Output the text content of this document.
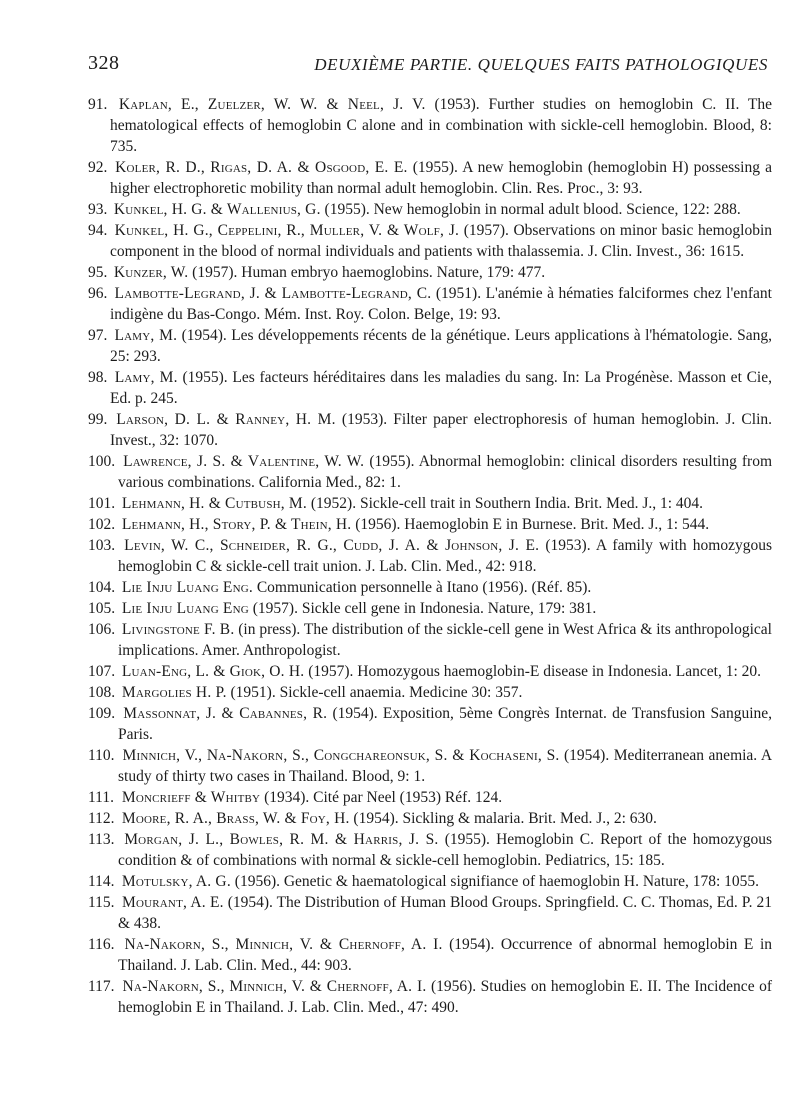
328	DEUXIÈME PARTIE. QUELQUES FAITS PATHOLOGIQUES
91. Kaplan, E., Zuelzer, W. W. & Neel, J. V. (1953). Further studies on hemoglobin C. II. The hematological effects of hemoglobin C alone and in combination with sickle-cell hemoglobin. Blood, 8: 735.
92. Koler, R. D., Rigas, D. A. & Osgood, E. E. (1955). A new hemoglobin (hemoglobin H) possessing a higher electrophoretic mobility than normal adult hemoglobin. Clin. Res. Proc., 3: 93.
93. Kunkel, H. G. & Wallenius, G. (1955). New hemoglobin in normal adult blood. Science, 122: 288.
94. Kunkel, H. G., Ceppelini, R., Muller, V. & Wolf, J. (1957). Observations on minor basic hemoglobin component in the blood of normal individuals and patients with thalassemia. J. Clin. Invest., 36: 1615.
95. Kunzer, W. (1957). Human embryo haemoglobins. Nature, 179: 477.
96. Lambotte-Legrand, J. & Lambotte-Legrand, C. (1951). L'anémie à hématies falciformes chez l'enfant indigène du Bas-Congo. Mém. Inst. Roy. Colon. Belge, 19: 93.
97. Lamy, M. (1954). Les développements récents de la génétique. Leurs applications à l'hématologie. Sang, 25: 293.
98. Lamy, M. (1955). Les facteurs héréditaires dans les maladies du sang. In: La Progénèse. Masson et Cie, Ed. p. 245.
99. Larson, D. L. & Ranney, H. M. (1953). Filter paper electrophoresis of human hemoglobin. J. Clin. Invest., 32: 1070.
100. Lawrence, J. S. & Valentine, W. W. (1955). Abnormal hemoglobin: clinical disorders resulting from various combinations. California Med., 82: 1.
101. Lehmann, H. & Cutbush, M. (1952). Sickle-cell trait in Southern India. Brit. Med. J., 1: 404.
102. Lehmann, H., Story, P. & Thein, H. (1956). Haemoglobin E in Burnese. Brit. Med. J., 1: 544.
103. Levin, W. C., Schneider, R. G., Cudd, J. A. & Johnson, J. E. (1953). A family with homozygous hemoglobin C & sickle-cell trait union. J. Lab. Clin. Med., 42: 918.
104. Lie Inju Luang Eng. Communication personnelle à Itano (1956). (Réf. 85).
105. Lie Inju Luang Eng (1957). Sickle cell gene in Indonesia. Nature, 179: 381.
106. Livingstone F. B. (in press). The distribution of the sickle-cell gene in West Africa & its anthropological implications. Amer. Anthropologist.
107. Luan-Eng, L. & Giok, O. H. (1957). Homozygous haemoglobin-E disease in Indonesia. Lancet, 1: 20.
108. Margolies H. P. (1951). Sickle-cell anaemia. Medicine 30: 357.
109. Massonnat, J. & Cabannes, R. (1954). Exposition, 5ème Congrès Internat. de Transfusion Sanguine, Paris.
110. Minnich, V., Na-Nakorn, S., Congchareonsuk, S. & Kochaseni, S. (1954). Mediterranean anemia. A study of thirty two cases in Thailand. Blood, 9: 1.
111. Moncrieff & Whitby (1934). Cité par Neel (1953) Réf. 124.
112. Moore, R. A., Brass, W. & Foy, H. (1954). Sickling & malaria. Brit. Med. J., 2: 630.
113. Morgan, J. L., Bowles, R. M. & Harris, J. S. (1955). Hemoglobin C. Report of the homozygous condition & of combinations with normal & sickle-cell hemoglobin. Pediatrics, 15: 185.
114. Motulsky, A. G. (1956). Genetic & haematological signifiance of haemoglobin H. Nature, 178: 1055.
115. Mourant, A. E. (1954). The Distribution of Human Blood Groups. Springfield. C. C. Thomas, Ed. P. 21 & 438.
116. Na-Nakorn, S., Minnich, V. & Chernoff, A. I. (1954). Occurrence of abnormal hemoglobin E in Thailand. J. Lab. Clin. Med., 44: 903.
117. Na-Nakorn, S., Minnich, V. & Chernoff, A. I. (1956). Studies on hemoglobin E. II. The Incidence of hemoglobin E in Thailand. J. Lab. Clin. Med., 47: 490.
